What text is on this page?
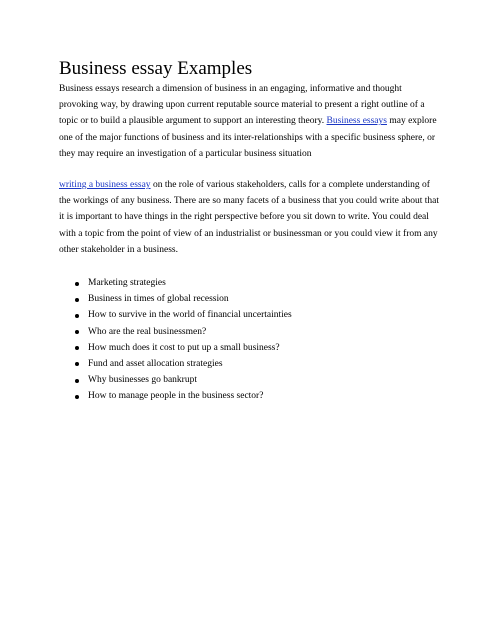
Business essay Examples

Business essays research a dimension of business in an engaging, informative and thought provoking way, by drawing upon current reputable source material to present a right outline of a topic or to build a plausible argument to support an interesting theory. Business essays may explore one of the major functions of business and its inter-relationships with a specific business sphere, or they may require an investigation of a particular business situation

writing a business essay on the role of various stakeholders, calls for a complete understanding of the workings of any business. There are so many facets of a business that you could write about that it is important to have things in the right perspective before you sit down to write. You could deal with a topic from the point of view of an industrialist or businessman or you could view it from any other stakeholder in a business.

Marketing strategies
Business in times of global recession
How to survive in the world of financial uncertainties
Who are the real businessmen?
How much does it cost to put up a small business?
Fund and asset allocation strategies
Why businesses go bankrupt
How to manage people in the business sector?
